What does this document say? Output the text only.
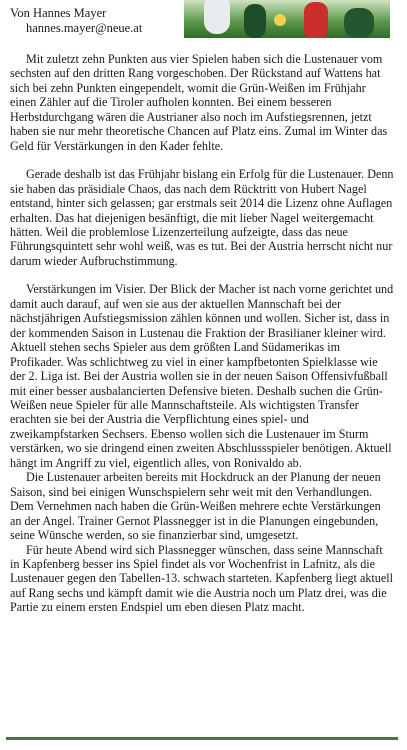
Von Hannes Mayer
hannes.mayer@neue.at

Mit zuletzt zehn Punkten aus vier Spielen haben sich die Lustenauer vom sechsten auf den dritten Rang vorgeschoben. Der Rückstand auf Wattens hat sich bei zehn Punkten eingependelt, womit die Grün-Weißen im Frühjahr einen Zähler auf die Tiroler aufholen konnten. Bei einem besseren Herbstdurchgang wären die Austrianer also noch im Aufstiegsrennen, jetzt haben sie nur mehr theoretische Chancen auf Platz eins. Zumal im Winter das Geld für Verstärkungen in den Kader fehlte.

Gerade deshalb ist das Frühjahr bislang ein Erfolg für die Lustenauer. Denn sie haben das präsidiale Chaos, das nach dem Rücktritt von Hubert Nagel entstand, hinter sich gelassen; gar erstmals seit 2014 die Lizenz ohne Auflagen erhalten. Das hat diejenigen besänftigt, die mit lieber Nagel weitergemacht hätten. Weil die problemlose Lizenzerteilung aufzeigte, dass das neue Führungsquintett sehr wohl weiß, was es tut. Bei der Austria herrscht nicht nur darum wieder Aufbruchstimmung.

Verstärkungen im Visier. Der Blick der Macher ist nach vorne gerichtet und damit auch darauf, auf wen sie aus der aktuellen Mannschaft bei der nächstjährigen Aufstiegsmission zählen können und wollen. Sicher ist, dass in der kommenden Saison in Lustenau die Fraktion der Brasilianer kleiner wird. Aktuell stehen sechs Spieler aus dem größten Land Südamerikas im Profikader. Was schlichtweg zu viel in einer kampfbetonten Spielklasse wie der 2. Liga ist. Bei der Austria wollen sie in der neuen Saison Offensivfußball mit einer besser ausbalancierten Defensive bieten. Deshalb suchen die Grün-Weißen neue Spieler für alle Mannschaftsteile. Als wichtigsten Transfer erachten sie bei der Austria die Verpflichtung eines spiel- und zweikampfstarken Sechsers. Ebenso wollen sich die Lustenauer im Sturm verstärken, wo sie dringend einen zweiten Abschlussspieler benötigen. Aktuell hängt im Angriff zu viel, eigentlich alles, von Ronivaldo ab.

Die Lustenauer arbeiten bereits mit Hockdruck an der Planung der neuen Saison, sind bei einigen Wunschspielern sehr weit mit den Verhandlungen. Dem Vernehmen nach haben die Grün-Weißen mehrere echte Verstärkungen an der Angel. Trainer Gernot Plassnegger ist in die Planungen eingebunden, seine Wünsche werden, so sie finanzierbar sind, umgesetzt.

Für heute Abend wird sich Plassnegger wünschen, dass seine Mannschaft in Kapfenberg besser ins Spiel findet als vor Wochenfrist in Lafnitz, als die Lustenauer gegen den Tabellen-13. schwach starteten. Kapfenberg liegt aktuell auf Rang sechs und kämpft damit wie die Austria noch um Platz drei, was die Partie zu einem ersten Endspiel um eben diesen Platz macht.
